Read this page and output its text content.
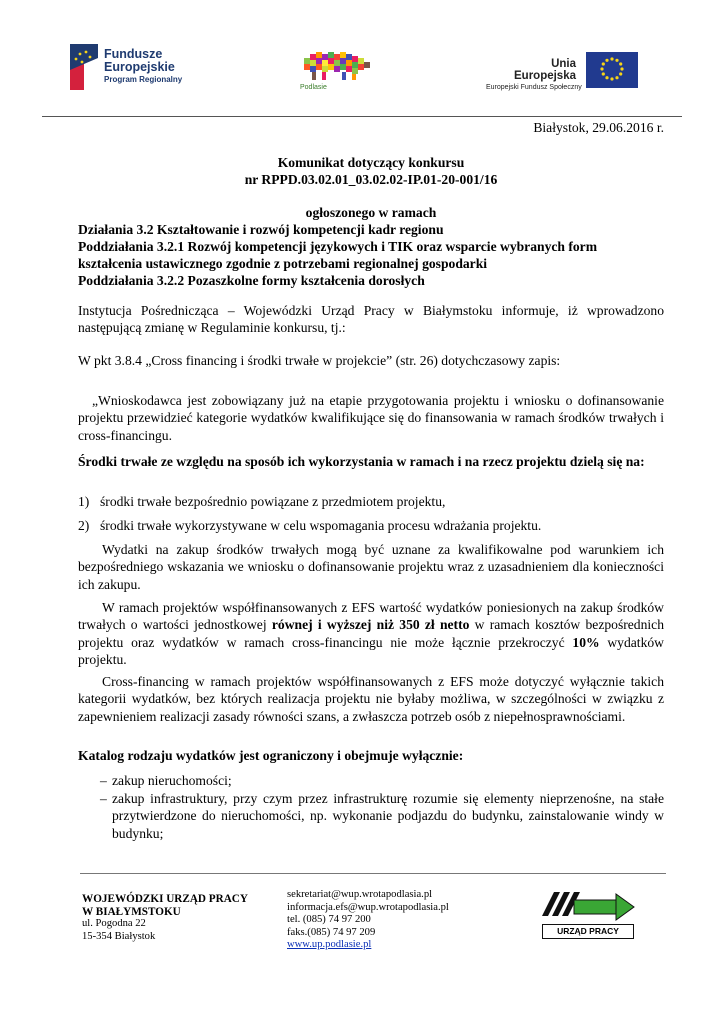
Fundusze
Europejskie
Program Regionalny
Podlasie
Unia Europejska
Europejski Fundusz Społeczny
Białystok, 29.06.2016 r.
Komunikat dotyczący konkursu
nr RPPD.03.02.01_03.02.02-IP.01-20-001/16
ogłoszonego w ramach
Działania 3.2 Kształtowanie i rozwój kompetencji kadr regionu
Poddziałania 3.2.1 Rozwój kompetencji językowych i TIK oraz wsparcie wybranych form
kształcenia ustawicznego zgodnie z potrzebami regionalnej gospodarki
Poddziałania 3.2.2 Pozaszkolne formy kształcenia dorosłych
Instytucja Pośrednicząca – Wojewódzki Urząd Pracy w Białymstoku informuje, iż wprowadzono następującą zmianę w Regulaminie konkursu, tj.:
W pkt 3.8.4 „Cross financing i środki trwałe w projekcie” (str. 26) dotychczasowy zapis:
„Wnioskodawca jest zobowiązany już na etapie przygotowania projektu i wniosku o dofinansowanie projektu przewidzieć kategorie wydatków kwalifikujące się do finansowania w ramach środków trwałych i cross-financingu.
Środki trwałe ze względu na sposób ich wykorzystania w ramach i na rzecz projektu dzielą się na:
1) środki trwałe bezpośrednio powiązane z przedmiotem projektu,
2) środki trwałe wykorzystywane w celu wspomagania procesu wdrażania projektu.
Wydatki na zakup środków trwałych mogą być uznane za kwalifikowalne pod warunkiem ich bezpośredniego wskazania we wniosku o dofinansowanie projektu wraz z uzasadnieniem dla konieczności ich zakupu.
W ramach projektów współfinansowanych z EFS wartość wydatków poniesionych na zakup środków trwałych o wartości jednostkowej równej i wyższej niż 350 zł netto w ramach kosztów bezpośrednich projektu oraz wydatków w ramach cross-financingu nie może łącznie przekroczyć 10% wydatków projektu.
Cross-financing w ramach projektów współfinansowanych z EFS może dotyczyć wyłącznie takich kategorii wydatków, bez których realizacja projektu nie byłaby możliwa, w szczególności w związku z zapewnieniem realizacji zasady równości szans, a zwłaszcza potrzeb osób z niepełnosprawnościami.
Katalog rodzaju wydatków jest ograniczony i obejmuje wyłącznie:
– zakup nieruchomości;
– zakup infrastruktury, przy czym przez infrastrukturę rozumie się elementy nieprzenośne, na stałe przytwierdzone do nieruchomości, np. wykonanie podjazdu do budynku, zainstalowanie windy w budynku;
WOJEWÓDZKI URZĄD PRACY
W BIAŁYMSTOKU
ul. Pogodna 22
15-354 Białystok
sekretariat@wup.wrotapodlasia.pl
informacja.efs@wup.wrotapodlasia.pl
tel. (085) 74 97 200
faks.(085) 74 97 209
www.up.podlasie.pl
URZĄD PRACY
